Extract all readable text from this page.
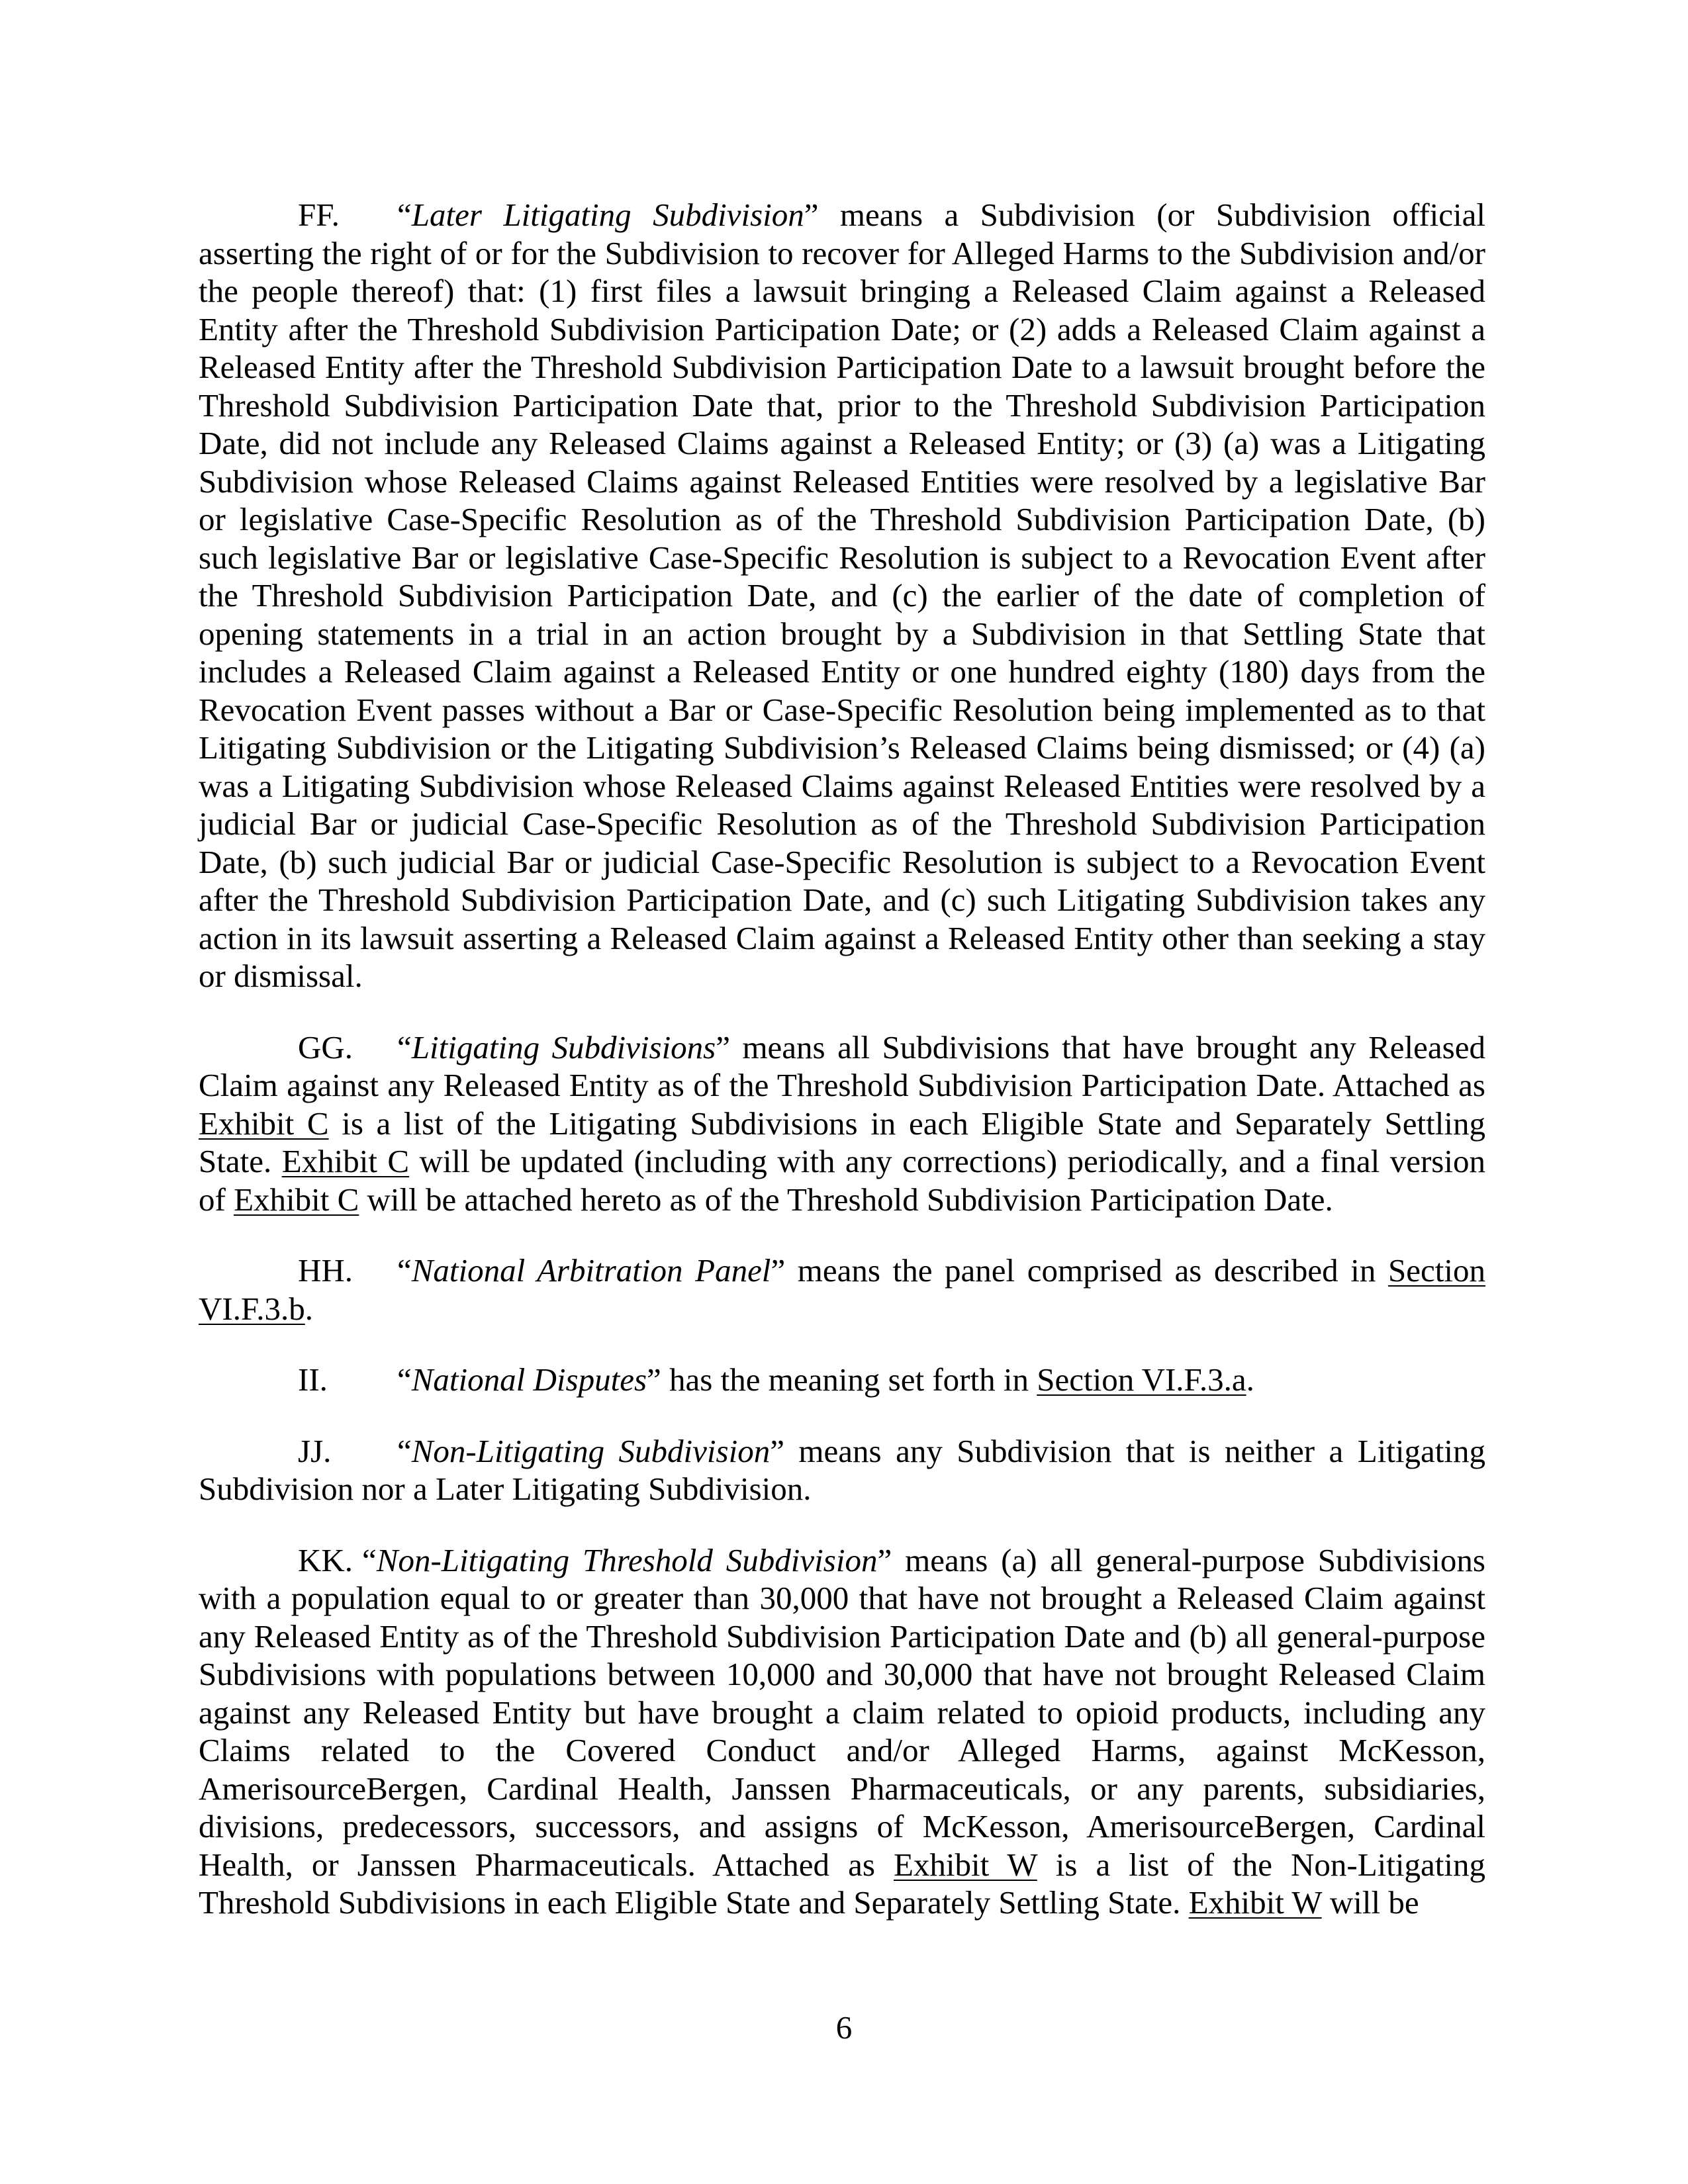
FF. “Later Litigating Subdivision” means a Subdivision (or Subdivision official asserting the right of or for the Subdivision to recover for Alleged Harms to the Subdivision and/or the people thereof) that: (1) first files a lawsuit bringing a Released Claim against a Released Entity after the Threshold Subdivision Participation Date; or (2) adds a Released Claim against a Released Entity after the Threshold Subdivision Participation Date to a lawsuit brought before the Threshold Subdivision Participation Date that, prior to the Threshold Subdivision Participation Date, did not include any Released Claims against a Released Entity; or (3) (a) was a Litigating Subdivision whose Released Claims against Released Entities were resolved by a legislative Bar or legislative Case-Specific Resolution as of the Threshold Subdivision Participation Date, (b) such legislative Bar or legislative Case-Specific Resolution is subject to a Revocation Event after the Threshold Subdivision Participation Date, and (c) the earlier of the date of completion of opening statements in a trial in an action brought by a Subdivision in that Settling State that includes a Released Claim against a Released Entity or one hundred eighty (180) days from the Revocation Event passes without a Bar or Case-Specific Resolution being implemented as to that Litigating Subdivision or the Litigating Subdivision’s Released Claims being dismissed; or (4) (a) was a Litigating Subdivision whose Released Claims against Released Entities were resolved by a judicial Bar or judicial Case-Specific Resolution as of the Threshold Subdivision Participation Date, (b) such judicial Bar or judicial Case-Specific Resolution is subject to a Revocation Event after the Threshold Subdivision Participation Date, and (c) such Litigating Subdivision takes any action in its lawsuit asserting a Released Claim against a Released Entity other than seeking a stay or dismissal.

GG. “Litigating Subdivisions” means all Subdivisions that have brought any Released Claim against any Released Entity as of the Threshold Subdivision Participation Date. Attached as Exhibit C is a list of the Litigating Subdivisions in each Eligible State and Separately Settling State. Exhibit C will be updated (including with any corrections) periodically, and a final version of Exhibit C will be attached hereto as of the Threshold Subdivision Participation Date.

HH. “National Arbitration Panel” means the panel comprised as described in Section VI.F.3.b.

II. “National Disputes” has the meaning set forth in Section VI.F.3.a.

JJ. “Non-Litigating Subdivision” means any Subdivision that is neither a Litigating Subdivision nor a Later Litigating Subdivision.

KK. “Non-Litigating Threshold Subdivision” means (a) all general-purpose Subdivisions with a population equal to or greater than 30,000 that have not brought a Released Claim against any Released Entity as of the Threshold Subdivision Participation Date and (b) all general-purpose Subdivisions with populations between 10,000 and 30,000 that have not brought Released Claim against any Released Entity but have brought a claim related to opioid products, including any Claims related to the Covered Conduct and/or Alleged Harms, against McKesson, AmerisourceBergen, Cardinal Health, Janssen Pharmaceuticals, or any parents, subsidiaries, divisions, predecessors, successors, and assigns of McKesson, AmerisourceBergen, Cardinal Health, or Janssen Pharmaceuticals. Attached as Exhibit W is a list of the Non-Litigating Threshold Subdivisions in each Eligible State and Separately Settling State. Exhibit W will be

6
